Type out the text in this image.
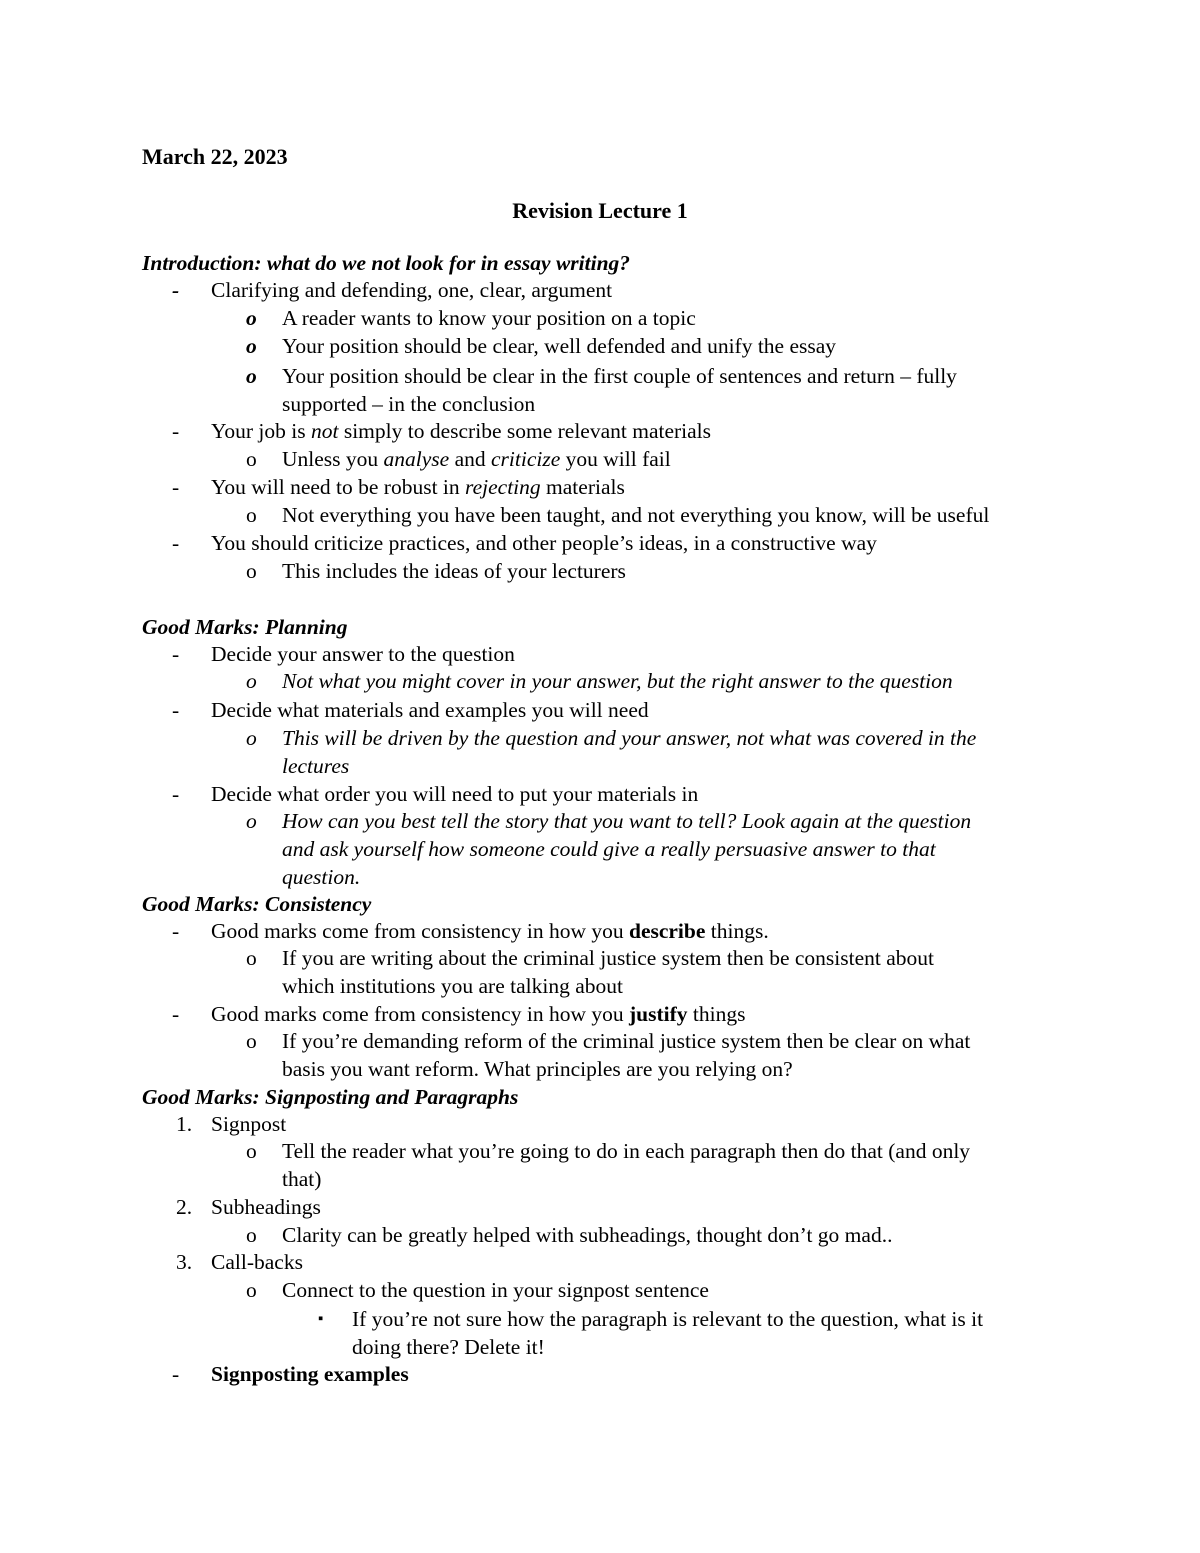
March 22, 2023
Revision Lecture 1
Introduction: what do we not look for in essay writing?
- Clarifying and defending, one, clear, argument
o A reader wants to know your position on a topic
o Your position should be clear, well defended and unify the essay
o Your position should be clear in the first couple of sentences and return – fully
supported – in the conclusion
- Your job is not simply to describe some relevant materials
o Unless you analyse and criticize you will fail
- You will need to be robust in rejecting materials
o Not everything you have been taught, and not everything you know, will be useful
- You should criticize practices, and other people’s ideas, in a constructive way
o This includes the ideas of your lecturers
Good Marks: Planning
- Decide your answer to the question
o Not what you might cover in your answer, but the right answer to the question
- Decide what materials and examples you will need
o This will be driven by the question and your answer, not what was covered in the
lectures
- Decide what order you will need to put your materials in
o How can you best tell the story that you want to tell? Look again at the question
and ask yourself how someone could give a really persuasive answer to that
question.
Good Marks: Consistency
- Good marks come from consistency in how you describe things.
o If you are writing about the criminal justice system then be consistent about
which institutions you are talking about
- Good marks come from consistency in how you justify things
o If you’re demanding reform of the criminal justice system then be clear on what
basis you want reform. What principles are you relying on?
Good Marks: Signposting and Paragraphs
1. Signpost
o Tell the reader what you’re going to do in each paragraph then do that (and only
that)
2. Subheadings
o Clarity can be greatly helped with subheadings, thought don’t go mad..
3. Call-backs
o Connect to the question in your signpost sentence
▪ If you’re not sure how the paragraph is relevant to the question, what is it
doing there? Delete it!
- Signposting examples
